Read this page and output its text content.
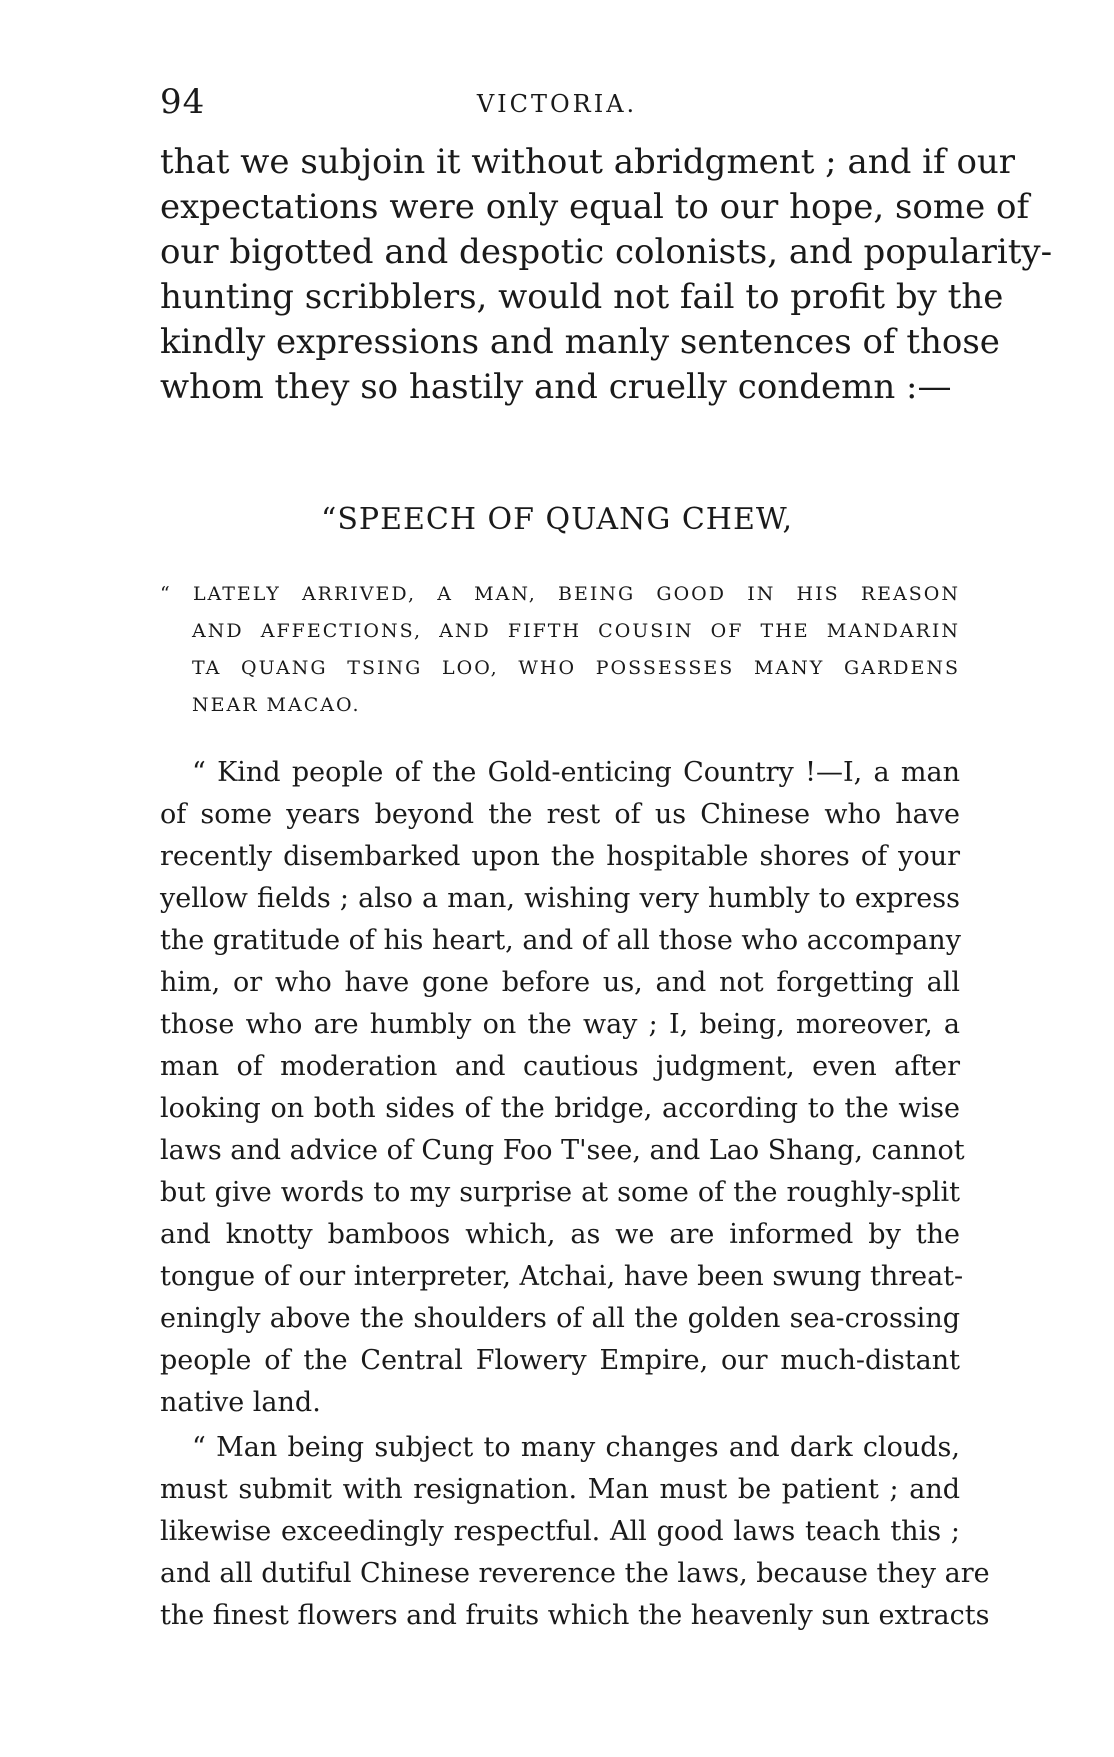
94	VICTORIA.
that we subjoin it without abridgment ; and if our
expectations were only equal to our hope, some of
our bigotted and despotic colonists, and popularity-
hunting scribblers, would not fail to profit by the
kindly expressions and manly sentences of those
whom they so hastily and cruelly condemn :—
“SPEECH OF QUANG CHEW,
“ LATELY ARRIVED, A MAN, BEING GOOD IN HIS REASON
AND AFFECTIONS, AND FIFTH COUSIN OF THE MANDARIN
TA QUANG TSING LOO, WHO POSSESSES MANY GARDENS
NEAR MACAO.
“ Kind people of the Gold-enticing Country !—I, a man
of some years beyond the rest of us Chinese who have
recently disembarked upon the hospitable shores of your
yellow fields ; also a man, wishing very humbly to express
the gratitude of his heart, and of all those who accompany
him, or who have gone before us, and not forgetting all
those who are humbly on the way ; I, being, moreover, a
man of moderation and cautious judgment, even after
looking on both sides of the bridge, according to the wise
laws and advice of Cung Foo T'see, and Lao Shang, cannot
but give words to my surprise at some of the roughly-split
and knotty bamboos which, as we are informed by the
tongue of our interpreter, Atchai, have been swung threat-
eningly above the shoulders of all the golden sea-crossing
people of the Central Flowery Empire, our much-distant
native land.
“ Man being subject to many changes and dark clouds,
must submit with resignation. Man must be patient ; and
likewise exceedingly respectful. All good laws teach this ;
and all dutiful Chinese reverence the laws, because they are
the finest flowers and fruits which the heavenly sun extracts
